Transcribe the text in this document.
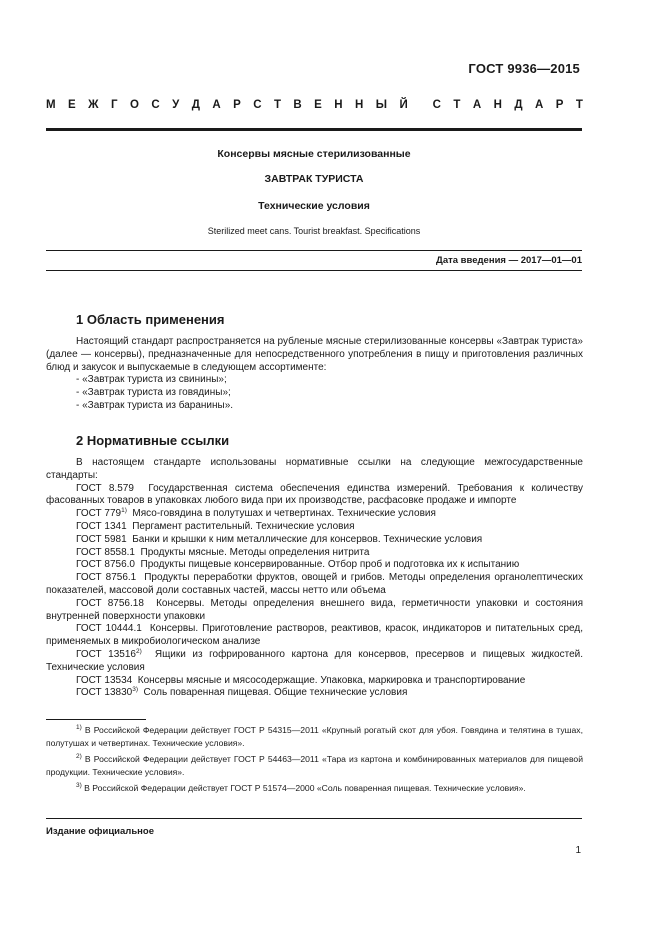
ГОСТ 9936—2015
М Е Ж Г О С У Д А Р С Т В Е Н Н Ы Й С Т А Н Д А Р Т
Консервы мясные стерилизованные
ЗАВТРАК ТУРИСТА
Технические условия
Sterilized meet cans. Tourist breakfast. Specifications
Дата введения — 2017—01—01
1 Область применения

Настоящий стандарт распространяется на рубленые мясные стерилизованные консервы «Завтрак туриста» (далее — консервы), предназначенные для непосредственного употребления в пищу и приготовления различных блюд и закусок и выпускаемые в следующем ассортименте:

- «Завтрак туриста из свинины»;
- «Завтрак туриста из говядины»;
- «Завтрак туриста из баранины».
2 Нормативные ссылки

В настоящем стандарте использованы нормативные ссылки на следующие межгосударственные стандарты:

ГОСТ 8.579  Государственная система обеспечения единства измерений. Требования к количеству фасованных товаров в упаковках любого вида при их производстве, расфасовке продаже и импорте

ГОСТ 779$^{1)}$  Мясо-говядина в полутушах и четвертинах. Технические условия

ГОСТ 1341  Пергамент растительный. Технические условия

ГОСТ 5981  Банки и крышки к ним металлические для консервов. Технические условия

ГОСТ 8558.1  Продукты мясные. Методы определения нитрита

ГОСТ 8756.0  Продукты пищевые консервированные. Отбор проб и подготовка их к испытанию

ГОСТ 8756.1  Продукты переработки фруктов, овощей и грибов. Методы определения органолептических показателей, массовой доли составных частей, массы нетто или объема

ГОСТ 8756.18  Консервы. Методы определения внешнего вида, герметичности упаковки и состояния внутренней поверхности упаковки

ГОСТ 10444.1  Консервы. Приготовление растворов, реактивов, красок, индикаторов и питательных сред, применяемых в микробиологическом анализе

ГОСТ 13516$^{2)}$  Ящики из гофрированного картона для консервов, пресервов и пищевых жидкостей. Технические условия

ГОСТ 13534  Консервы мясные и мясосодержащие. Упаковка, маркировка и транспортирование

ГОСТ 13830$^{3)}$  Соль поваренная пищевая. Общие технические условия

$^{1)}$ В Российской Федерации действует ГОСТ Р 54315—2011 «Крупный рогатый скот для убоя. Говядина и телятина в тушах, полутушах и четвертинах. Технические условия».

$^{2)}$ В Российской Федерации действует ГОСТ Р 54463—2011 «Тара из картона и комбинированных материалов для пищевой продукции. Технические условия».

$^{3)}$ В Российской Федерации действует ГОСТ Р 51574—2000 «Соль поваренная пищевая. Технические условия».

Издание официальное
1
